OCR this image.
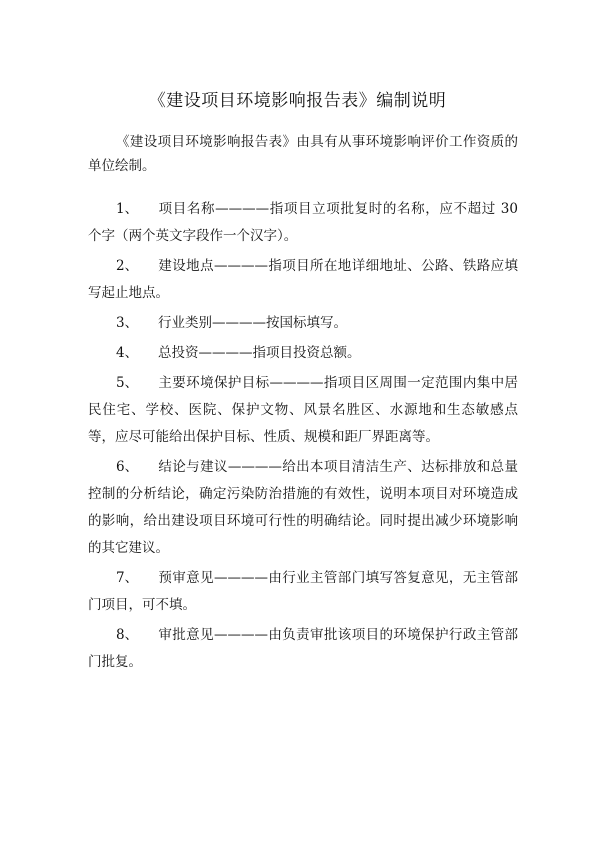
《建设项目环境影响报告表》编制说明
《建设项目环境影响报告表》由具有从事环境影响评价工作资质的单位绘制。

1、 项目名称————指项目立项批复时的名称，应不超过 30 个字（两个英文字段作一个汉字）。

2、 建设地点————指项目所在地详细地址、公路、铁路应填写起止地点。

3、 行业类别————按国标填写。

4、 总投资————指项目投资总额。

5、 主要环境保护目标————指项目区周围一定范围内集中居民住宅、学校、医院、保护文物、风景名胜区、水源地和生态敏感点等，应尽可能给出保护目标、性质、规模和距厂界距离等。

6、 结论与建议————给出本项目清洁生产、达标排放和总量控制的分析结论，确定污染防治措施的有效性，说明本项目对环境造成的影响，给出建设项目环境可行性的明确结论。同时提出减少环境影响的其它建议。

7、 预审意见————由行业主管部门填写答复意见，无主管部门项目，可不填。

8、 审批意见————由负责审批该项目的环境保护行政主管部门批复。
